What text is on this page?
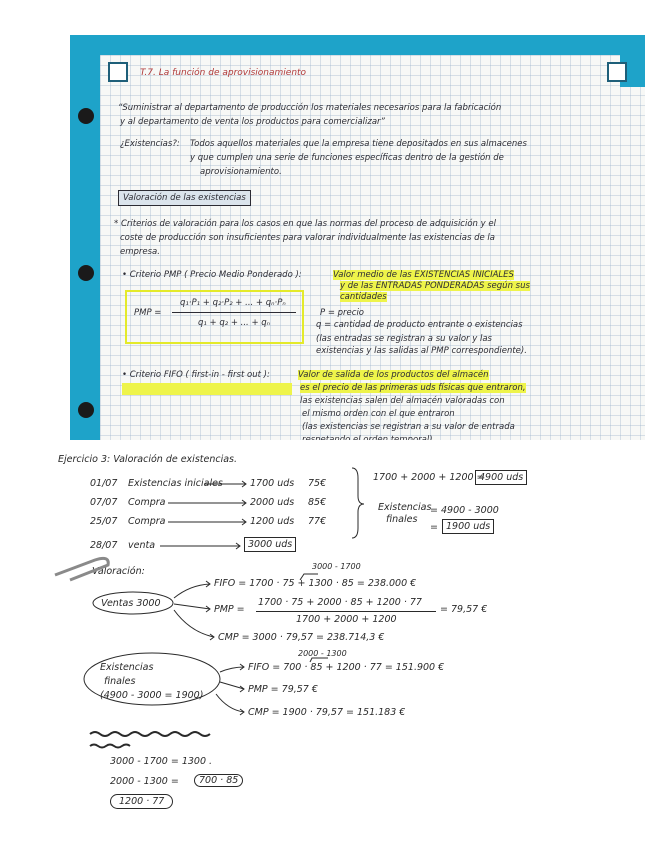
T.7. La función de aprovisionamiento
“Suministrar al departamento de producción los materiales necesarios para la fabricación
y al departamento de venta los productos para comercializar”
¿Existencias?: Todos aquellos materiales que la empresa tiene depositados en sus almacenes
y que cumplen una serie de funciones específicas dentro de la gestión de
aprovisionamiento.
Valoración de las existencias
* Criterios de valoración para los casos en que las normas del proceso de adquisición y el
coste de producción son insuficientes para valorar individualmente las existencias de la
empresa.
• Criterio PMP ( Precio Medio Ponderado ):	Valor medio de las EXISTENCIAS INICIALES
y de las ENTRADAS PONDERADAS según sus
cantidades
PMP =
q₁·P₁ + q₂·P₂ + ... + qₙ·Pₙ
q₁ + q₂ + ... + qₙ
P = precio
q = cantidad de producto entrante o existencias
(las entradas se registran a su valor y las
existencias y las salidas al PMP correspondiente).
• Criterio FIFO ( first-in - first out ):	Valor de salida de los productos del almacén
es el precio de las primeras uds físicas que entraron,
las existencias salen del almacén valoradas con
el mismo orden con el que entraron
(las existencias se registran a su valor de entrada
Ejercicio 3: Valoración de existencias.
01/07 Existencias iniciales	1700 uds 75€
07/07 Compra	2000 uds 85€
25/07 Compra	1200 uds 77€
28/07 venta	3000 uds
1700 + 2000 + 1200 =
4900 uds
Existencias
finales
= 4900 - 3000
= 1900 uds
Valoración:
Ventas 3000
3000 - 1700
FIFO = 1700 · 75 + 1300 · 85 = 238.000 €
PMP =
1700 · 75 + 2000 · 85 + 1200 · 77
= 79,57 €
1700 + 2000 + 1200
CMP = 3000 · 79,57 = 238.714,3 €
Existencias
finales
(4900 - 3000 = 1900)
2000 - 1300
FIFO = 700 · 85 + 1200 · 77 = 151.900 €
PMP = 79,57 €
CMP = 1900 · 79,57 = 151.183 €
3000 - 1700 = 1300 .
2000 - 1300 =	700 · 85
1200 · 77
